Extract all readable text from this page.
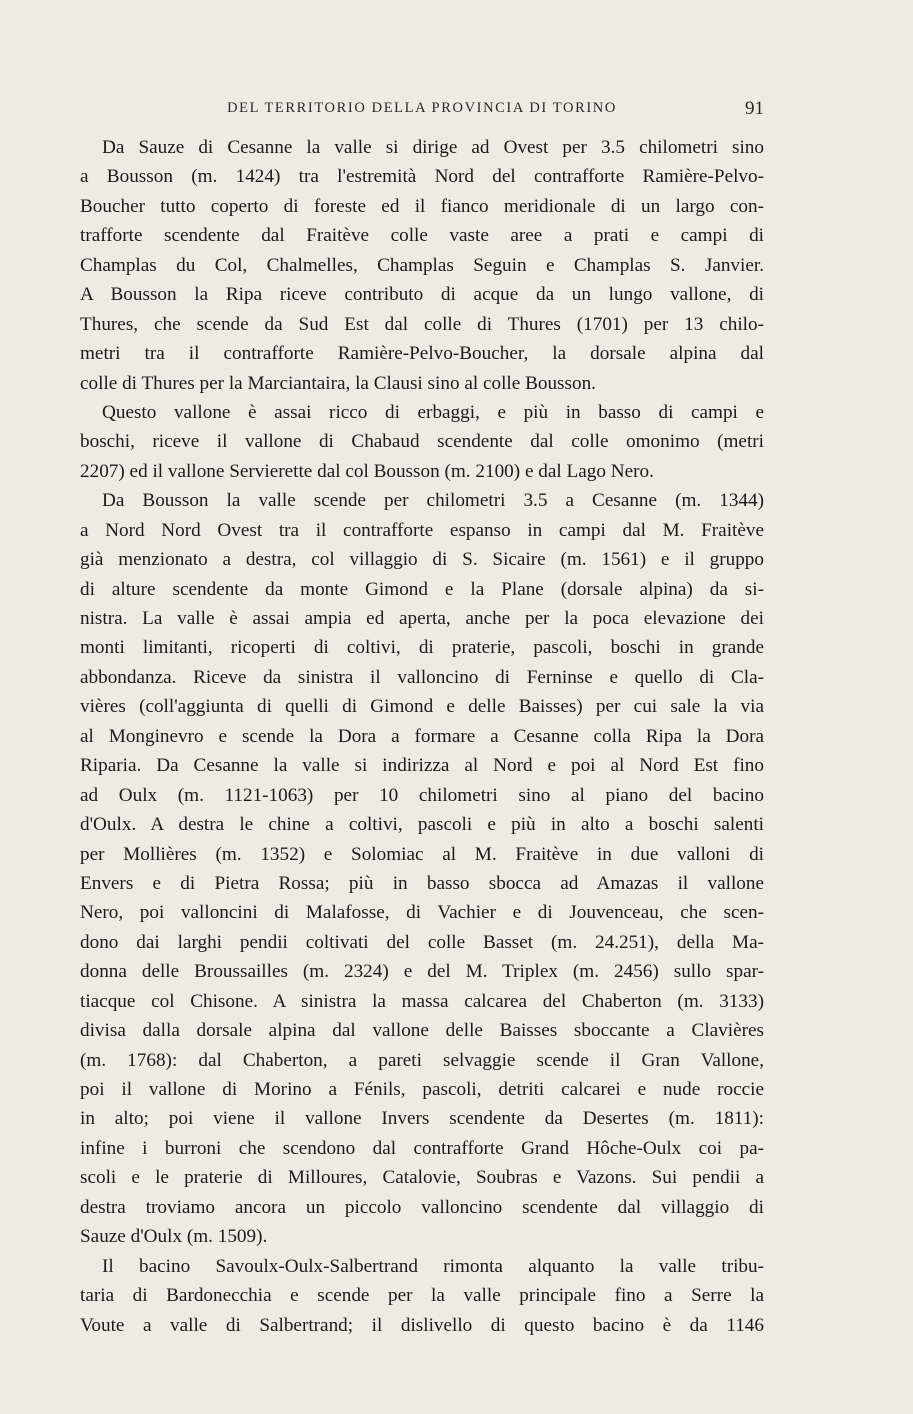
DEL TERRITORIO DELLA PROVINCIA DI TORINO	91
Da Sauze di Cesanne la valle si dirige ad Ovest per 3.5 chilometri sino
a Bousson (m. 1424) tra l'estremità Nord del contrafforte Ramière-Pelvo-
Boucher tutto coperto di foreste ed il fianco meridionale di un largo con-
trafforte scendente dal Fraitève colle vaste aree a prati e campi di
Champlas du Col, Chalmelles, Champlas Seguin e Champlas S. Janvier.
A Bousson la Ripa riceve contributo di acque da un lungo vallone, di
Thures, che scende da Sud Est dal colle di Thures (1701) per 13 chilo-
metri tra il contrafforte Ramière-Pelvo-Boucher, la dorsale alpina dal
colle di Thures per la Marciantaira, la Clausi sino al colle Bousson.
Questo vallone è assai ricco di erbaggi, e più in basso di campi e
boschi, riceve il vallone di Chabaud scendente dal colle omonimo (metri
2207) ed il vallone Servierette dal col Bousson (m. 2100) e dal Lago Nero.
Da Bousson la valle scende per chilometri 3.5 a Cesanne (m. 1344)
a Nord Nord Ovest tra il contrafforte espanso in campi dal M. Fraitève
già menzionato a destra, col villaggio di S. Sicaire (m. 1561) e il gruppo
di alture scendente da monte Gimond e la Plane (dorsale alpina) da si-
nistra. La valle è assai ampia ed aperta, anche per la poca elevazione dei
monti limitanti, ricoperti di coltivi, di praterie, pascoli, boschi in grande
abbondanza. Riceve da sinistra il valloncino di Ferninse e quello di Cla-
vières (coll'aggiunta di quelli di Gimond e delle Baisses) per cui sale la via
al Monginevro e scende la Dora a formare a Cesanne colla Ripa la Dora
Riparia. Da Cesanne la valle si indirizza al Nord e poi al Nord Est fino
ad Oulx (m. 1121-1063) per 10 chilometri sino al piano del bacino
d'Oulx. A destra le chine a coltivi, pascoli e più in alto a boschi salenti
per Mollières (m. 1352) e Solomiac al M. Fraitève in due valloni di
Envers e di Pietra Rossa; più in basso sbocca ad Amazas il vallone
Nero, poi valloncini di Malafosse, di Vachier e di Jouvenceau, che scen-
dono dai larghi pendii coltivati del colle Basset (m. 24.251), della Ma-
donna delle Broussailles (m. 2324) e del M. Triplex (m. 2456) sullo spar-
tiacque col Chisone. A sinistra la massa calcarea del Chaberton (m. 3133)
divisa dalla dorsale alpina dal vallone delle Baisses sboccante a Clavières
(m. 1768): dal Chaberton, a pareti selvaggie scende il Gran Vallone,
poi il vallone di Morino a Fénils, pascoli, detriti calcarei e nude roccie
in alto; poi viene il vallone Invers scendente da Desertes (m. 1811):
infine i burroni che scendono dal contrafforte Grand Hôche-Oulx coi pa-
scoli e le praterie di Milloures, Catalovie, Soubras e Vazons. Sui pendii a
destra troviamo ancora un piccolo valloncino scendente dal villaggio di
Sauze d'Oulx (m. 1509).
Il bacino Savoulx-Oulx-Salbertrand rimonta alquanto la valle tribu-
taria di Bardonecchia e scende per la valle principale fino a Serre la
Voute a valle di Salbertrand; il dislivello di questo bacino è da 1146
